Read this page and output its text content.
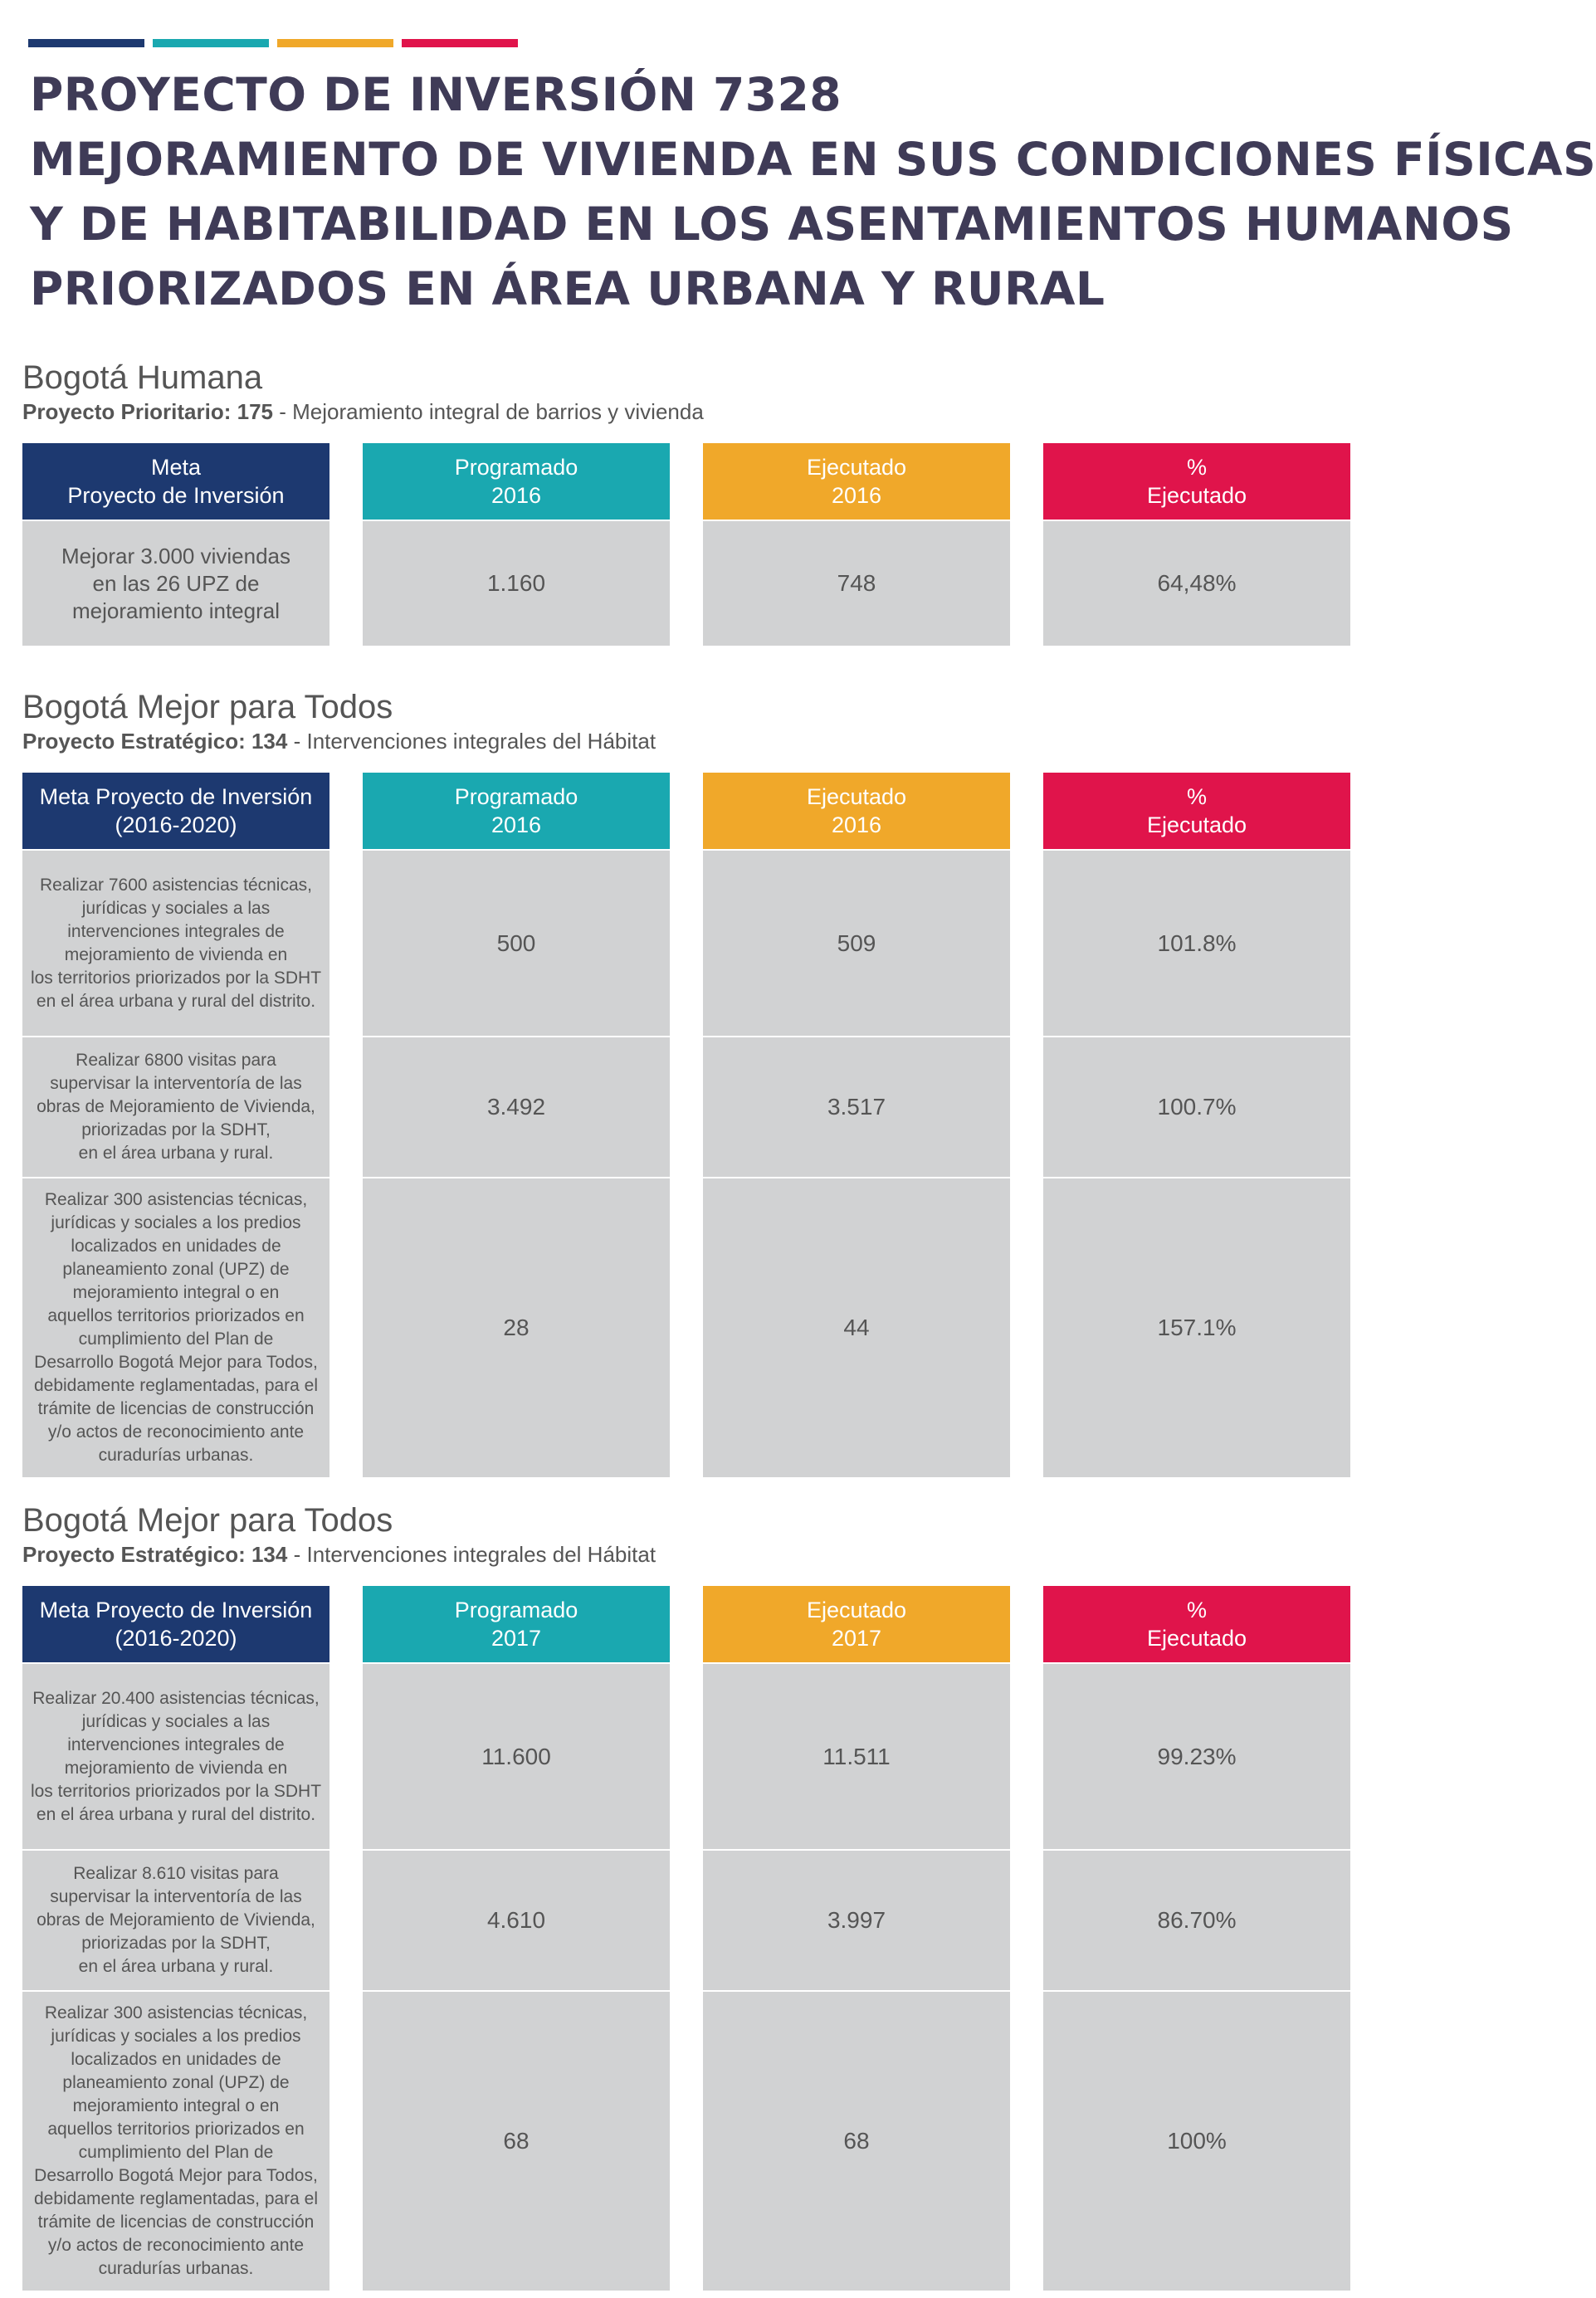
PROYECTO DE INVERSIÓN 7328
MEJORAMIENTO DE VIVIENDA EN SUS CONDICIONES FÍSICAS
Y DE HABITABILIDAD EN LOS ASENTAMIENTOS HUMANOS
PRIORIZADOS EN ÁREA URBANA Y RURAL
Bogotá Humana

Proyecto Prioritario: 175 - Mejoramiento integral de barrios y vivienda

Meta
Proyecto de Inversión
Mejorar 3.000 viviendas
en las 26 UPZ de
mejoramiento integral
Programado
2016
1.160
Ejecutado
2016
748
%
Ejecutado
64,48%
Bogotá Mejor para Todos

Proyecto Estratégico: 134 - Intervenciones integrales del Hábitat

Meta Proyecto de Inversión
(2016-2020)
Realizar 7600 asistencias técnicas,
jurídicas y sociales a las
intervenciones integrales de
mejoramiento de vivienda en
los territorios priorizados por la SDHT
en el área urbana y rural del distrito.
Realizar 6800 visitas para
supervisar la interventoría de las
obras de Mejoramiento de Vivienda,
priorizadas por la SDHT,
en el área urbana y rural.
Realizar 300 asistencias técnicas,
jurídicas y sociales a los predios
localizados en unidades de
planeamiento zonal (UPZ) de
mejoramiento integral o en
aquellos territorios priorizados en
cumplimiento del Plan de
Desarrollo Bogotá Mejor para Todos,
debidamente reglamentadas, para el
trámite de licencias de construcción
y/o actos de reconocimiento ante
curadurías urbanas.
Programado
2016
500
3.492
28
Ejecutado
2016
509
3.517
44
%
Ejecutado
101.8%
100.7%
157.1%
Bogotá Mejor para Todos

Proyecto Estratégico: 134 - Intervenciones integrales del Hábitat

Meta Proyecto de Inversión
(2016-2020)
Realizar 20.400 asistencias técnicas,
jurídicas y sociales a las
intervenciones integrales de
mejoramiento de vivienda en
los territorios priorizados por la SDHT
en el área urbana y rural del distrito.
Realizar 8.610 visitas para
supervisar la interventoría de las
obras de Mejoramiento de Vivienda,
priorizadas por la SDHT,
en el área urbana y rural.
Realizar 300 asistencias técnicas,
jurídicas y sociales a los predios
localizados en unidades de
planeamiento zonal (UPZ) de
mejoramiento integral o en
aquellos territorios priorizados en
cumplimiento del Plan de
Desarrollo Bogotá Mejor para Todos,
debidamente reglamentadas, para el
trámite de licencias de construcción
y/o actos de reconocimiento ante
curadurías urbanas.
Programado
2017
11.600
4.610
68
Ejecutado
2017
11.511
3.997
68
%
Ejecutado
99.23%
86.70%
100%
